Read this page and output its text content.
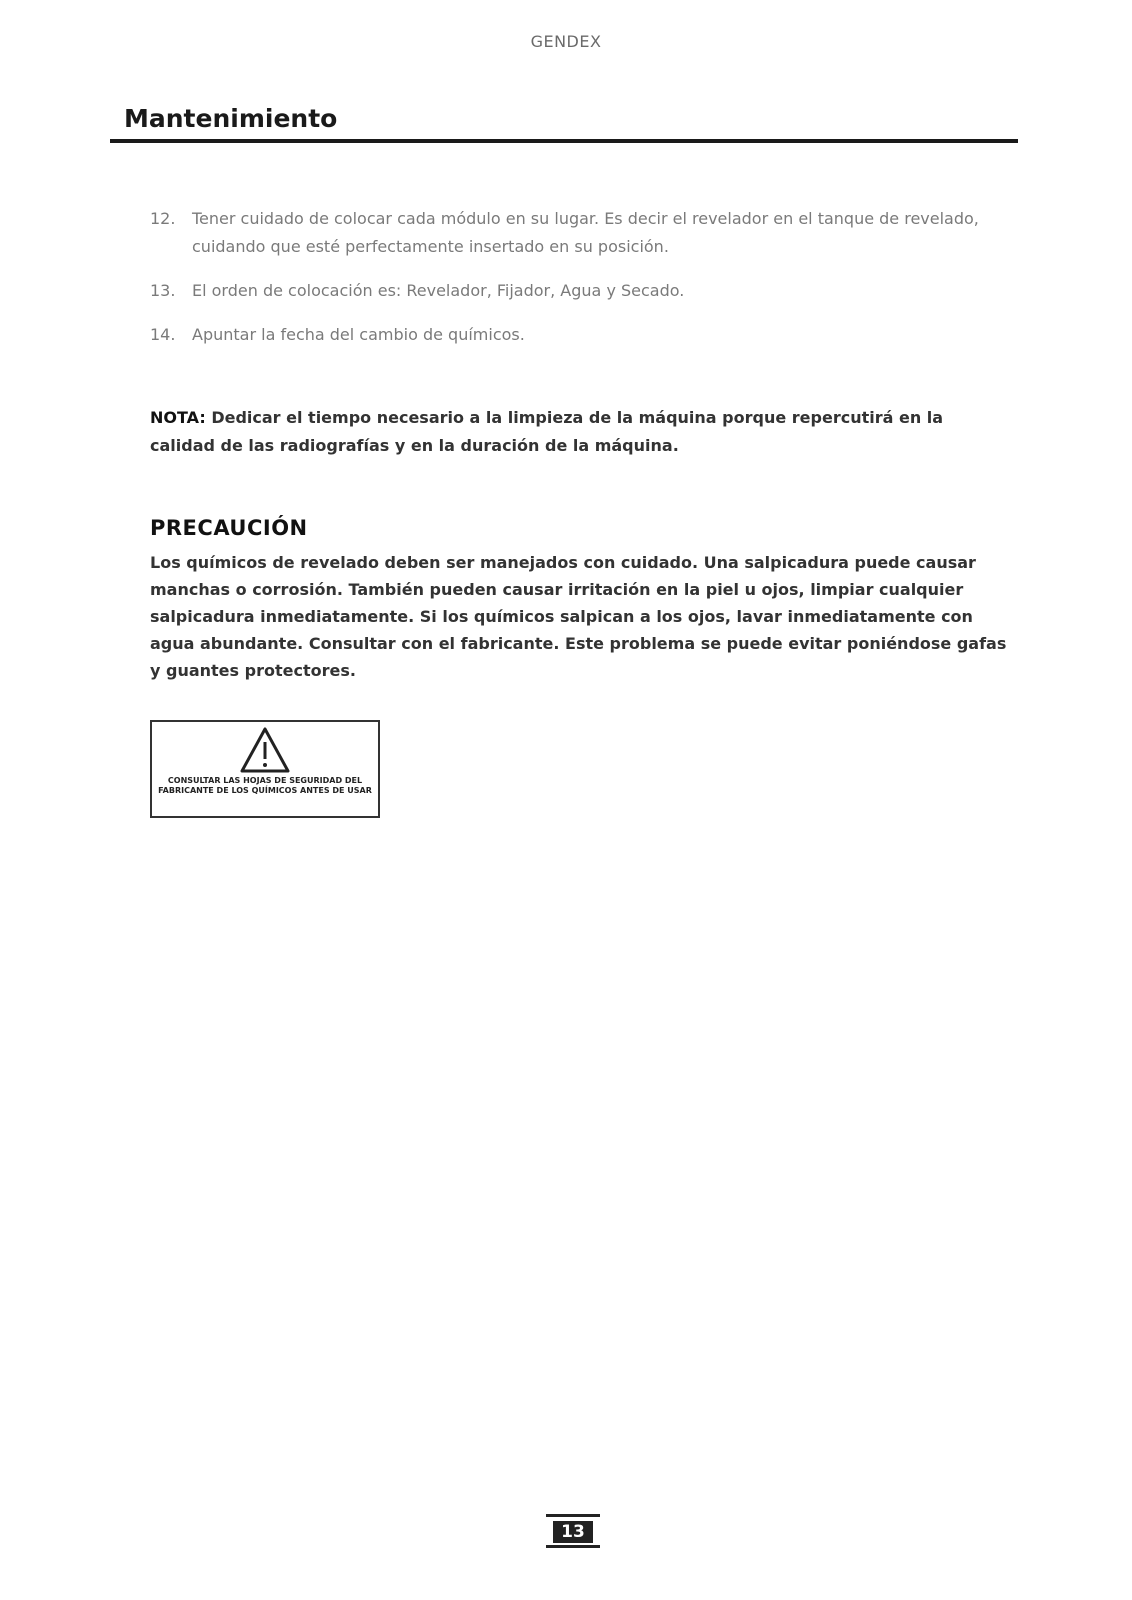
GENDEX
Mantenimiento
12.	Tener cuidado de colocar cada módulo en su lugar. Es decir el revelador en el tanque de revelado, cuidando que esté perfectamente insertado en su posición.
13.	El orden de colocación es: Revelador, Fijador, Agua y Secado.
14.	Apuntar la fecha del cambio de químicos.
NOTA: Dedicar el tiempo necesario a la limpieza de la máquina porque repercutirá en la calidad de las radiografías y en la duración de la máquina.
PRECAUCIÓN
Los químicos de revelado deben ser manejados con cuidado. Una salpicadura puede causar manchas o corrosión. También pueden causar irritación en la piel u ojos, limpiar cualquier salpicadura inmediatamente. Si los químicos salpican a los ojos, lavar inmediatamente con agua abundante. Consultar con el fabricante. Este problema se puede evitar poniéndose gafas y guantes protectores.
CONSULTAR LAS HOJAS DE SEGURIDAD DEL FABRICANTE DE LOS QUÍMICOS ANTES DE USAR
13
